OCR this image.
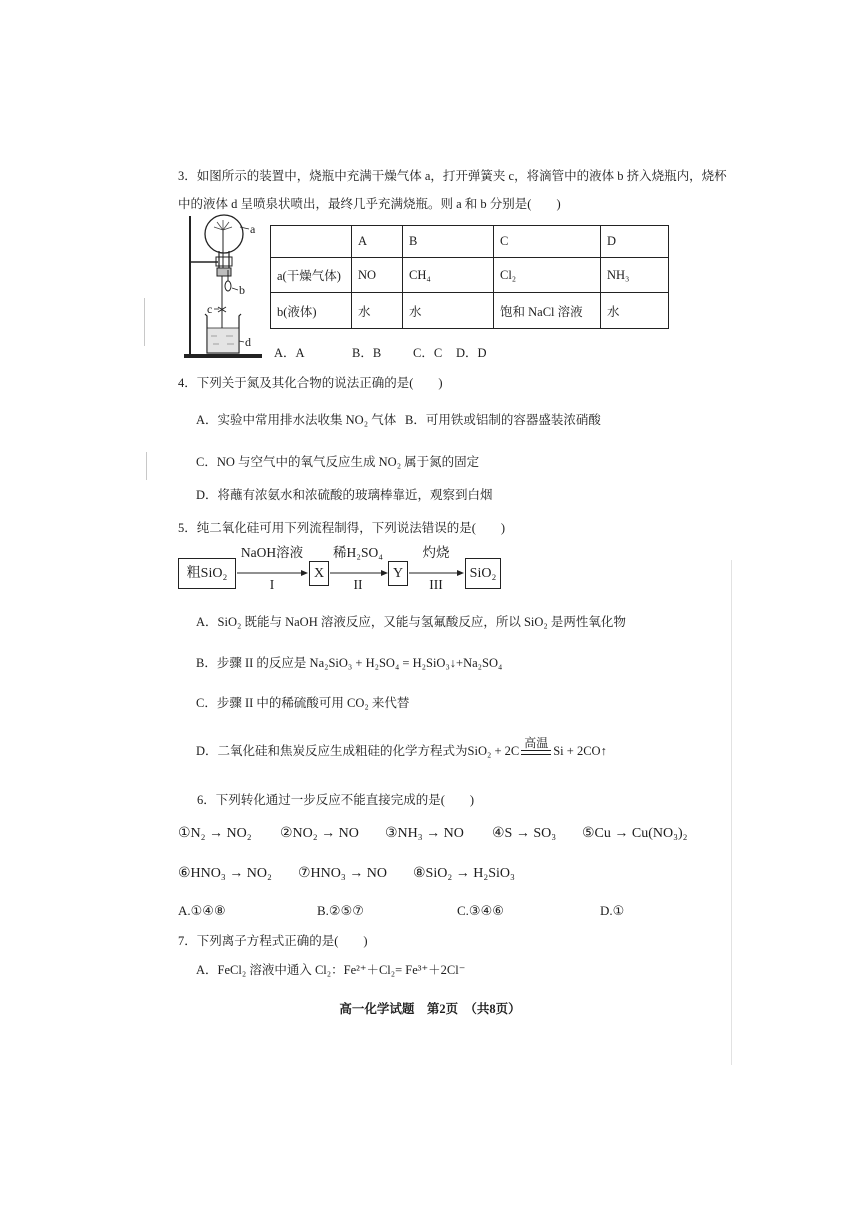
3．如图所示的装置中，烧瓶中充满干燥气体 a，打开弹簧夹 c，将滴管中的液体 b 挤入烧瓶内，烧杯
中的液体 d 呈喷泉状喷出，最终几乎充满烧瓶。则 a 和 b 分别是(　　)
a
b
c
d
	A	B	C	D
a(干燥气体)	NO	CH₄	Cl₂	NH₃
b(液体)	水	水	饱和 NaCl 溶液	水
A．A	B．B	C．C D．D
4．下列关于氮及其化合物的说法正确的是(　　)
A．实验中常用排水法收集 NO₂ 气体 B．可用铁或铝制的容器盛装浓硝酸
C．NO 与空气中的氧气反应生成 NO₂ 属于氮的固定
D．将蘸有浓氨水和浓硫酸的玻璃棒靠近，观察到白烟
5．纯二氧化硅可用下列流程制得，下列说法错误的是(　　)
粗SiO₂
NaOH溶液
I
X
稀H₂SO₄
II
Y
灼烧
III
SiO₂
A．SiO₂ 既能与 NaOH 溶液反应，又能与氢氟酸反应，所以 SiO₂ 是两性氧化物
B．步骤 II 的反应是 Na₂SiO₃ + H₂SO₄ = H₂SiO₃↓+Na₂SO₄
C．步骤 II 中的稀硫酸可用 CO₂ 来代替
D．二氧化硅和焦炭反应生成粗硅的化学方程式为SiO₂ + 2C
高温
Si + 2CO↑
6．下列转化通过一步反应不能直接完成的是(　　)
①N₂ → NO₂ ②NO₂ → NO ③NH₃ → NO ④S → SO₃ ⑤Cu → Cu(NO₃)₂
⑥HNO₃ → NO₂ ⑦HNO₃ → NO ⑧SiO₂ → H₂SiO₃
A.①④⑧	B.②⑤⑦	C.③④⑥	D.①
7．下列离子方程式正确的是(　　)
A．FeCl₂ 溶液中通入 Cl₂：Fe²⁺＋Cl₂= Fe³⁺＋2Cl⁻
高一化学试题　第2页　（共8页）
